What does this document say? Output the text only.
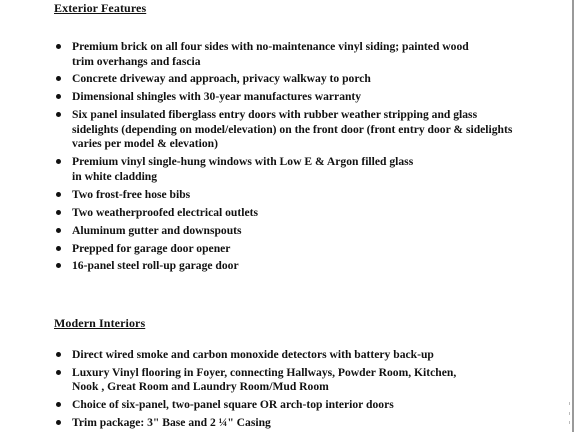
Exterior Features
Premium brick on all four sides with no-maintenance vinyl siding; painted wood
trim overhangs and fascia
Concrete driveway and approach, privacy walkway to porch
Dimensional shingles with 30-year manufactures warranty
Six panel insulated fiberglass entry doors with rubber weather stripping and glass
sidelights (depending on model/elevation) on the front door (front entry door & sidelights
varies per model & elevation)
Premium vinyl single-hung windows with Low E & Argon filled glass
in white cladding
Two frost-free hose bibs
Two weatherproofed electrical outlets
Aluminum gutter and downspouts
Prepped for garage door opener
16-panel steel roll-up garage door
Modern Interiors
Direct wired smoke and carbon monoxide detectors with battery back-up
Luxury Vinyl flooring in Foyer, connecting Hallways, Powder Room, Kitchen,
Nook , Great Room and Laundry Room/Mud Room
Choice of six-panel, two-panel square OR arch-top interior doors
Trim package: 3" Base and 2 ¼" Casing
